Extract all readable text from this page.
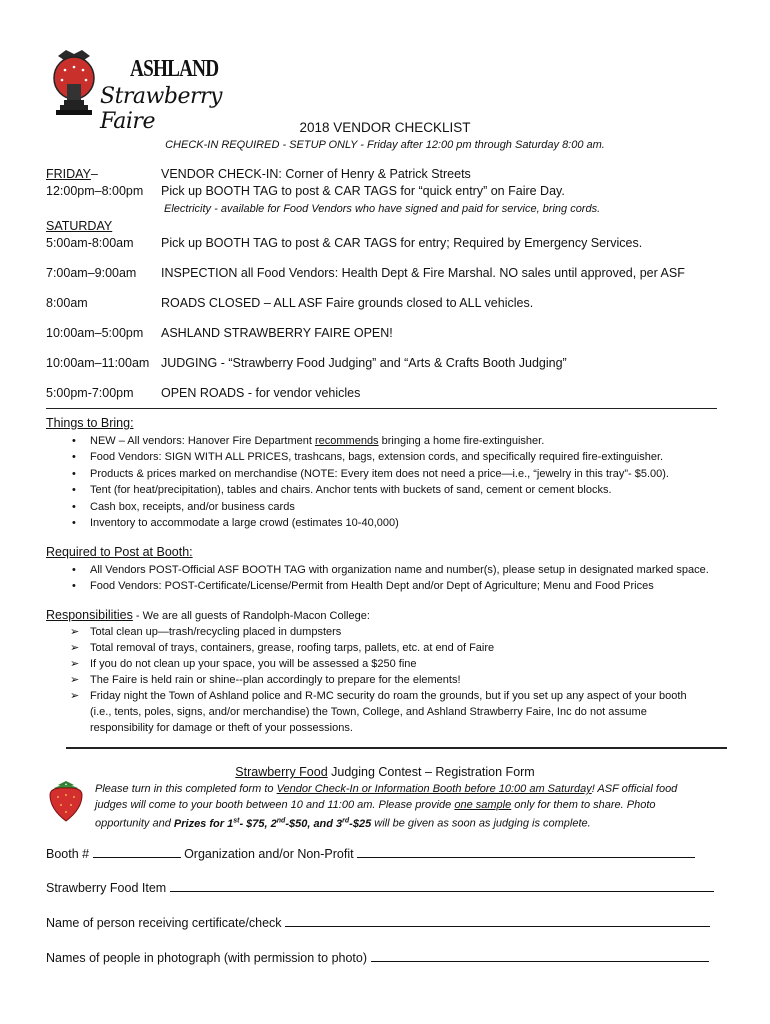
ASHLAND
Strawberry Faire	2018 VENDOR CHECKLIST
CHECK-IN REQUIRED - SETUP ONLY - Friday after 12:00 pm through Saturday 8:00 am.
FRIDAY–	VENDOR CHECK-IN: Corner of Henry & Patrick Streets
12:00pm–8:00pm Pick up BOOTH TAG to post & CAR TAGS for “quick entry” on Faire Day.
Electricity - available for Food Vendors who have signed and paid for service, bring cords.
SATURDAY
5:00am-8:00am Pick up BOOTH TAG to post & CAR TAGS for entry; Required by Emergency Services.
7:00am–9:00am INSPECTION all Food Vendors: Health Dept & Fire Marshal. NO sales until approved, per ASF
8:00am	ROADS CLOSED – ALL ASF Faire grounds closed to ALL vehicles.
10:00am–5:00pm ASHLAND STRAWBERRY FAIRE OPEN!
10:00am–11:00am JUDGING - “Strawberry Food Judging” and “Arts & Crafts Booth Judging”
5:00pm-7:00pm OPEN ROADS - for vendor vehicles
Things to Bring:
• NEW – All vendors: Hanover Fire Department recommends bringing a home fire-extinguisher.
• Food Vendors: SIGN WITH ALL PRICES, trashcans, bags, extension cords, and specifically required fire-extinguisher.
• Products & prices marked on merchandise (NOTE: Every item does not need a price—i.e., “jewelry in this tray”- $5.00).
• Tent (for heat/precipitation), tables and chairs. Anchor tents with buckets of sand, cement or cement blocks.
• Cash box, receipts, and/or business cards
• Inventory to accommodate a large crowd (estimates 10-40,000)
Required to Post at Booth:
• All Vendors POST-Official ASF BOOTH TAG with organization name and number(s), please setup in designated marked space.
• Food Vendors: POST-Certificate/License/Permit from Health Dept and/or Dept of Agriculture; Menu and Food Prices
Responsibilities - We are all guests of Randolph-Macon College:
➢ Total clean up—trash/recycling placed in dumpsters
➢ Total removal of trays, containers, grease, roofing tarps, pallets, etc. at end of Faire
➢ If you do not clean up your space, you will be assessed a $250 fine
➢ The Faire is held rain or shine--plan accordingly to prepare for the elements!
➢ Friday night the Town of Ashland police and R-MC security do roam the grounds, but if you set up any aspect of your booth
(i.e., tents, poles, signs, and/or merchandise) the Town, College, and Ashland Strawberry Faire, Inc do not assume
responsibility for damage or theft of your possessions.
Strawberry Food Judging Contest – Registration Form
Please turn in this completed form to Vendor Check-In or Information Booth before 10:00 am Saturday! ASF official food
judges will come to your booth between 10 and 11:00 am. Please provide one sample only for them to share. Photo
opportunity and Prizes for 1st- $75, 2nd-$50, and 3rd-$25 will be given as soon as judging is complete.
Booth #	Organization and/or Non-Profit
Strawberry Food Item
Name of person receiving certificate/check
Names of people in photograph (with permission to photo)
